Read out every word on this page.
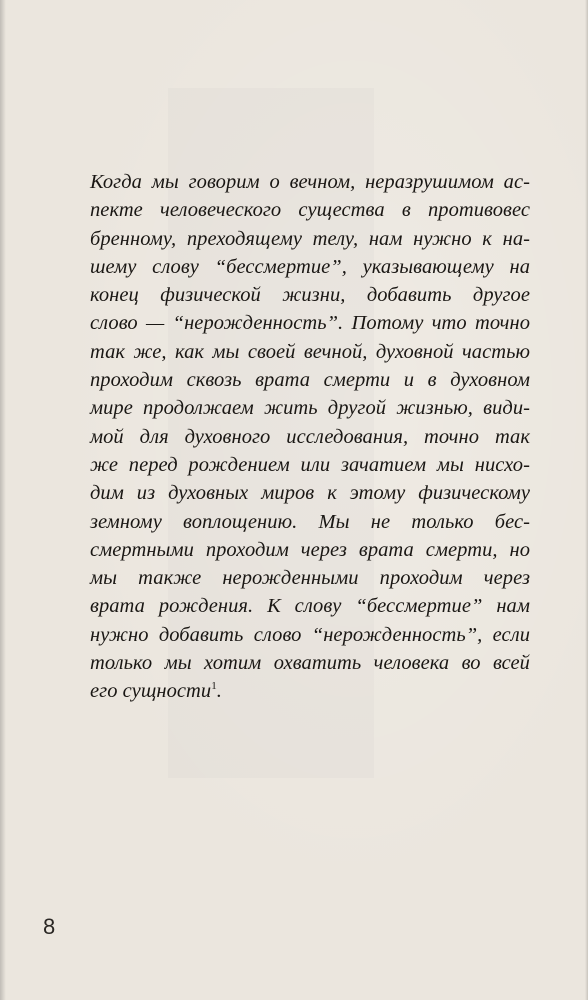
Когда мы говорим о вечном, неразрушимом ас-
пекте человеческого существа в противовес
бренному, преходящему телу, нам нужно к на-
шему слову “бессмертие”, указывающему на
конец физической жизни, добавить другое
слово — “нерожденность”. Потому что точно
так же, как мы своей вечной, духовной частью
проходим сквозь врата смерти и в духовном
мире продолжаем жить другой жизнью, види-
мой для духовного исследования, точно так
же перед рождением или зачатием мы нисхо-
дим из духовных миров к этому физическому
земному воплощению. Мы не только бес-
смертными проходим через врата смерти, но
мы также нерожденными проходим через
врата рождения. К слову “бессмертие” нам
нужно добавить слово “нерожденность”, если
только мы хотим охватить человека во всей
его сущности$^1$.
8
